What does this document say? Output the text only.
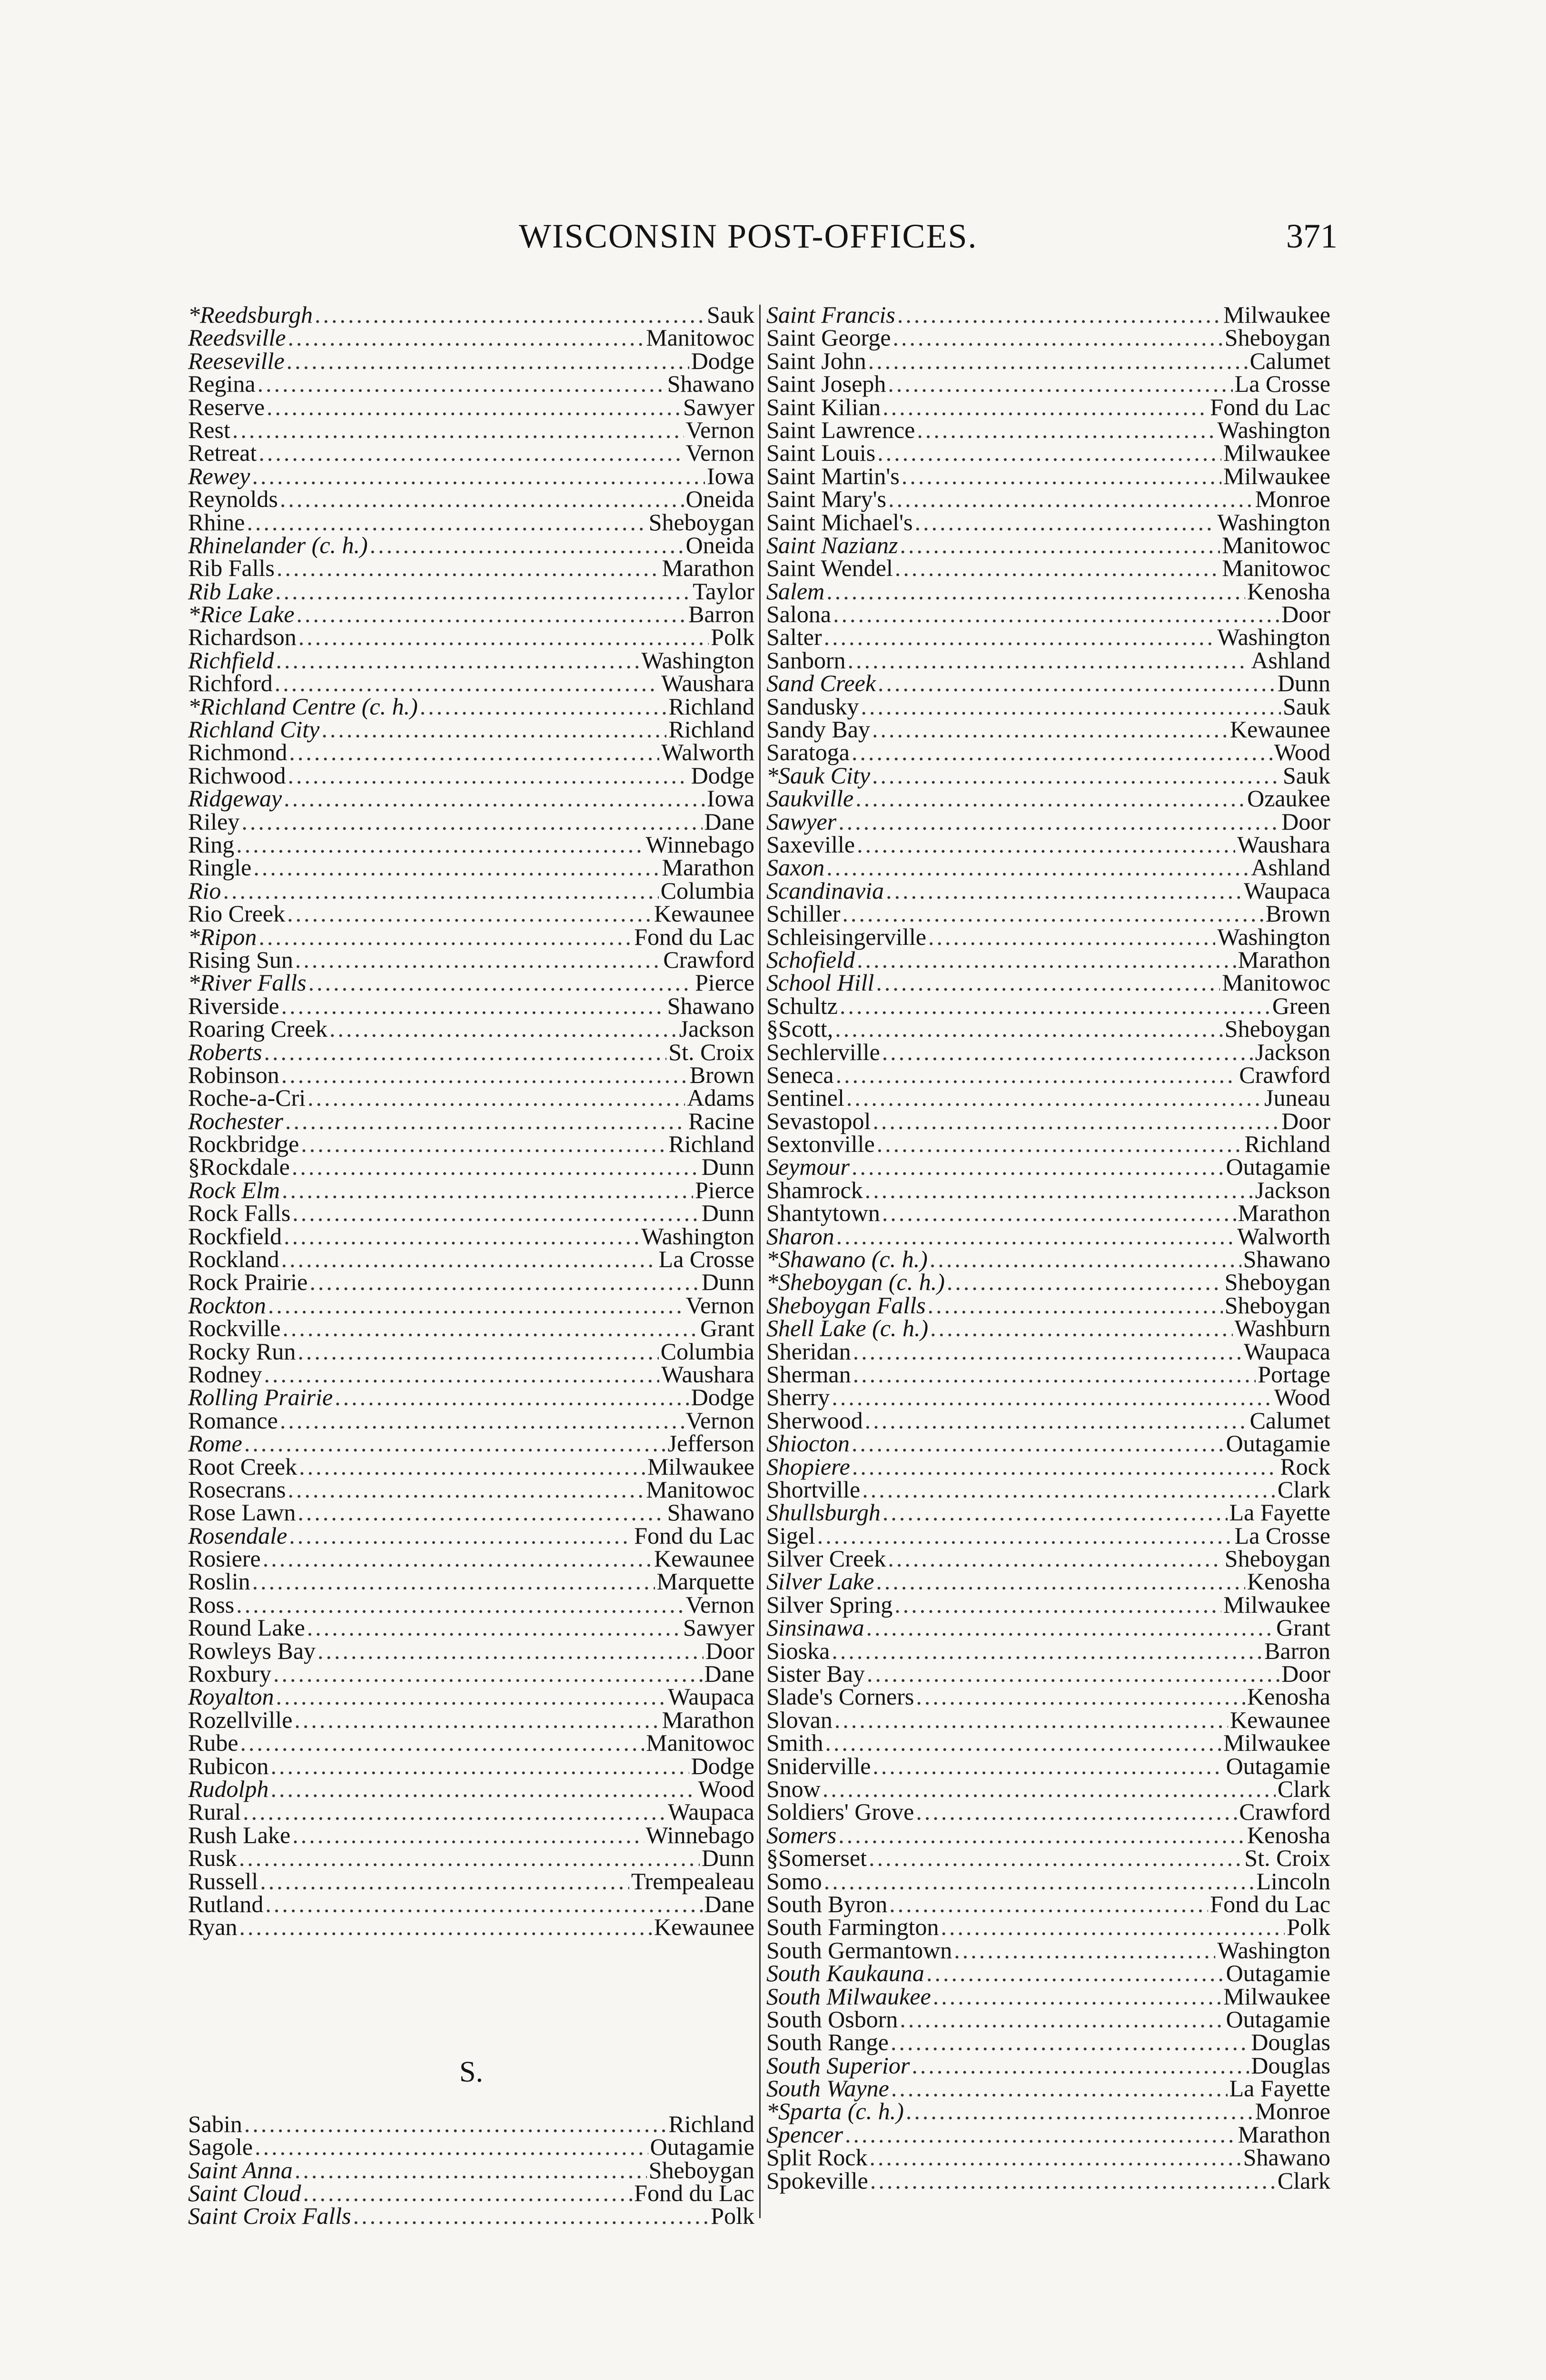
WISCONSIN POST-OFFICES.	371
*Reedsburgh .....	Sauk
Reedsville .....	Manitowoc
Reeseville .....	Dodge
Regina .....	Shawano
Reserve .....	Sawyer
Rest .....	Vernon
Retreat .....	Vernon
Rewey .....	Iowa
Reynolds .....	Oneida
Rhine .....	Sheboygan
Rhinelander (c. h.) .....	Oneida
Rib Falls .....	Marathon
Rib Lake .....	Taylor
*Rice Lake .....	Barron
Richardson .....	Polk
Richfield .....	Washington
Richford .....	Waushara
*Richland Centre (c. h.) .....	Richland
Richland City .....	Richland
Richmond .....	Walworth
Richwood .....	Dodge
Ridgeway .....	Iowa
Riley .....	Dane
Ring .....	Winnebago
Ringle .....	Marathon
Rio .....	Columbia
Rio Creek .....	Kewaunee
*Ripon .....	Fond du Lac
Rising Sun .....	Crawford
*River Falls .....	Pierce
Riverside .....	Shawano
Roaring Creek .....	Jackson
Roberts .....	St. Croix
Robinson .....	Brown
Roche-a-Cri .....	Adams
Rochester .....	Racine
Rockbridge .....	Richland
§Rockdale .....	Dunn
Rock Elm .....	Pierce
Rock Falls .....	Dunn
Rockfield .....	Washington
Rockland .....	La Crosse
Rock Prairie .....	Dunn
Rockton .....	Vernon
Rockville .....	Grant
Rocky Run .....	Columbia
Rodney .....	Waushara
Rolling Prairie .....	Dodge
Romance .....	Vernon
Rome .....	Jefferson
Root Creek .....	Milwaukee
Rosecrans .....	Manitowoc
Rose Lawn .....	Shawano
Rosendale .....	Fond du Lac
Rosiere .....	Kewaunee
Roslin .....	Marquette
Ross .....	Vernon
Round Lake .....	Sawyer
Rowleys Bay .....	Door
Roxbury .....	Dane
Royalton .....	Waupaca
Rozellville .....	Marathon
Rube .....	Manitowoc
Rubicon .....	Dodge
Rudolph .....	Wood
Rural .....	Waupaca
Rush Lake .....	Winnebago
Rusk .....	Dunn
Russell .....	Trempealeau
Rutland .....	Dane
Ryan .....	Kewaunee
S.
Sabin .....	Richland
Sagole .....	Outagamie
Saint Anna .....	Sheboygan
Saint Cloud .....	Fond du Lac
Saint Croix Falls .....	Polk
Saint Francis .....	Milwaukee
Saint George .....	Sheboygan
Saint John .....	Calumet
Saint Joseph .....	La Crosse
Saint Kilian .....	Fond du Lac
Saint Lawrence .....	Washington
Saint Louis .....	Milwaukee
Saint Martin's .....	Milwaukee
Saint Mary's .....	Monroe
Saint Michael's .....	Washington
Saint Nazianz .....	Manitowoc
Saint Wendel .....	Manitowoc
Salem .....	Kenosha
Salona .....	Door
Salter .....	Washington
Sanborn .....	Ashland
Sand Creek .....	Dunn
Sandusky .....	Sauk
Sandy Bay .....	Kewaunee
Saratoga .....	Wood
*Sauk City .....	Sauk
Saukville .....	Ozaukee
Sawyer .....	Door
Saxeville .....	Waushara
Saxon .....	Ashland
Scandinavia .....	Waupaca
Schiller .....	Brown
Schleisingerville .....	Washington
Schofield .....	Marathon
School Hill .....	Manitowoc
Schultz .....	Green
§Scott, .....	Sheboygan
Sechlerville .....	Jackson
Seneca .....	Crawford
Sentinel .....	Juneau
Sevastopol .....	Door
Sextonville .....	Richland
Seymour .....	Outagamie
Shamrock .....	Jackson
Shantytown .....	Marathon
Sharon .....	Walworth
*Shawano (c. h.) .....	Shawano
*Sheboygan (c. h.) .....	Sheboygan
Sheboygan Falls .....	Sheboygan
Shell Lake (c. h.) .....	Washburn
Sheridan .....	Waupaca
Sherman .....	Portage
Sherry .....	Wood
Sherwood .....	Calumet
Shiocton .....	Outagamie
Shopiere .....	Rock
Shortville .....	Clark
Shullsburgh .....	La Fayette
Sigel .....	La Crosse
Silver Creek .....	Sheboygan
Silver Lake .....	Kenosha
Silver Spring .....	Milwaukee
Sinsinawa .....	Grant
Sioska .....	Barron
Sister Bay .....	Door
Slade's Corners .....	Kenosha
Slovan .....	Kewaunee
Smith .....	Milwaukee
Sniderville .....	Outagamie
Snow .....	Clark
Soldiers' Grove .....	Crawford
Somers .....	Kenosha
§Somerset .....	St. Croix
Somo .....	Lincoln
South Byron .....	Fond du Lac
South Farmington .....	Polk
South Germantown .....	Washington
South Kaukauna .....	Outagamie
South Milwaukee .....	Milwaukee
South Osborn .....	Outagamie
South Range .....	Douglas
South Superior .....	Douglas
South Wayne .....	La Fayette
*Sparta (c. h.) .....	Monroe
Spencer .....	Marathon
Split Rock .....	Shawano
Spokeville .....	Clark
